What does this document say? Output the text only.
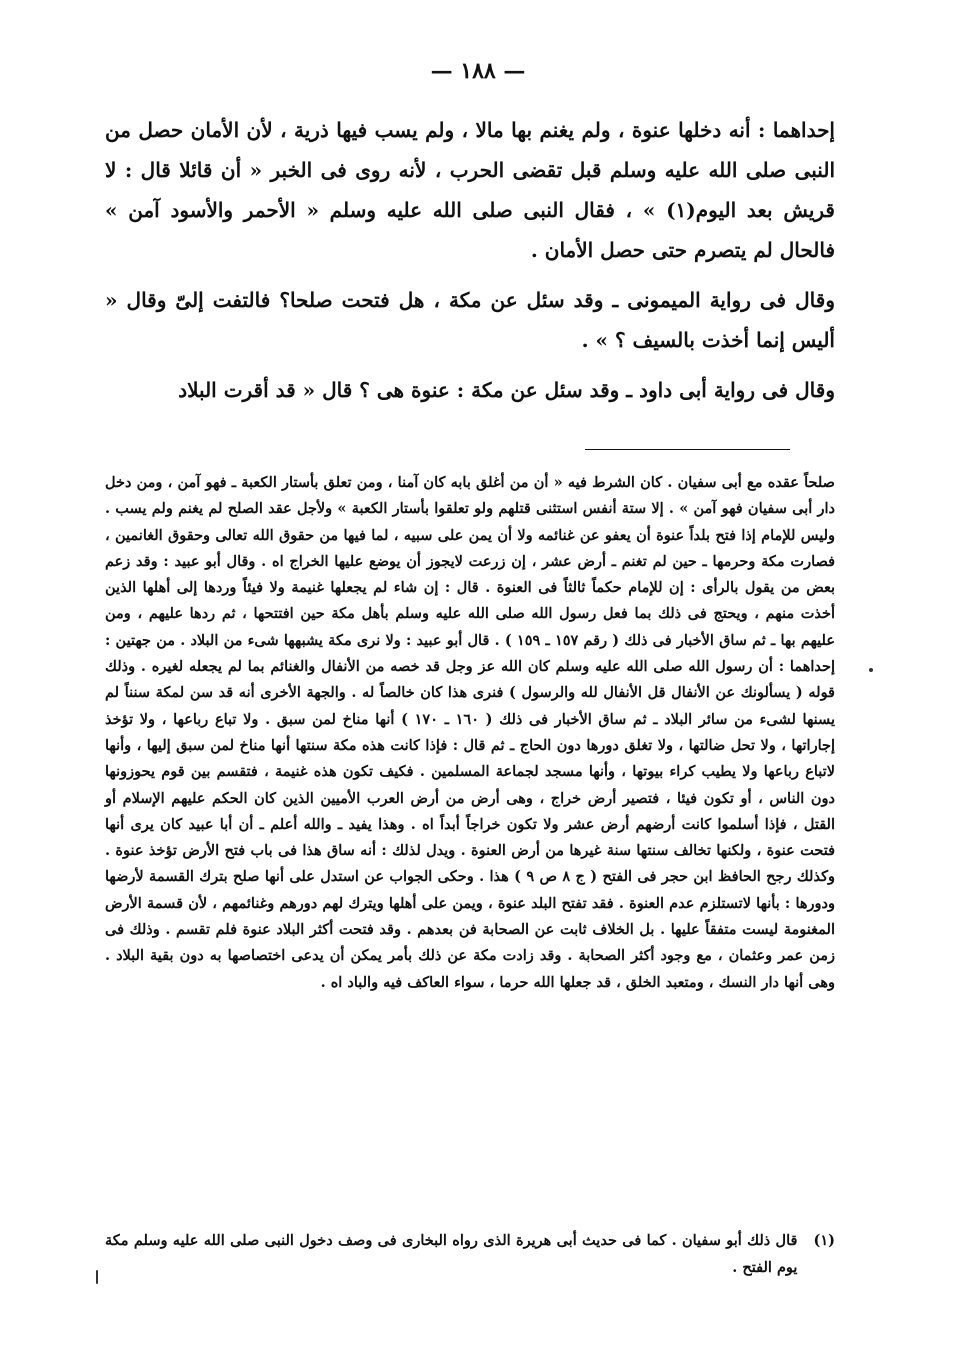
— ١٨٨ —

إحداهما : أنه دخلها عنوة ، ولم يغنم بها مالا ، ولم يسب فيها ذرية ، لأن الأمان حصل من النبى صلى الله عليه وسلم قبل تقضى الحرب ، لأنه روى فى الخبر « أن قائلا قال : لا قريش بعد اليوم(١) » ، فقال النبى صلى الله عليه وسلم « الأحمر والأسود آمن » فالحال لم يتصرم حتى حصل الأمان .

وقال فى رواية الميمونى ـ وقد سئل عن مكة ، هل فتحت صلحا؟ فالتفت إلىّ وقال « أليس إنما أخذت بالسيف ؟ » .

وقال فى رواية أبى داود ـ وقد سئل عن مكة : عنوة هى ؟ قال « قد أقرت البلاد

صلحاً عقده مع أبى سفيان . كان الشرط فيه « أن من أغلق بابه كان آمنا ، ومن تعلق بأستار الكعبة ـ فهو آمن ، ومن دخل دار أبى سفيان فهو آمن » . إلا ستة أنفس استثنى قتلهم ولو تعلقوا بأستار الكعبة » ولأجل عقد الصلح لم يغنم ولم يسب . وليس للإمام إذا فتح بلداً عنوة أن يعفو عن غنائمه ولا أن يمن على سبيه ، لما فيها من حقوق الله تعالى وحقوق الغانمين ، فصارت مكة وحرمها ـ حين لم تغنم ـ أرض عشر ، إن زرعت لايجوز أن يوضع عليها الخراج اه . وقال أبو عبيد : وقد زعم بعض من يقول بالرأى : إن للإمام حكماً ثالثاً فى العنوة . قال : إن شاء لم يجعلها غنيمة ولا فيئاً وردها إلى أهلها الذين أخذت منهم ، ويحتج فى ذلك بما فعل رسول الله صلى الله عليه وسلم بأهل مكة حين افتتحها ، ثم ردها عليهم ، ومن عليهم بها ـ ثم ساق الأخبار فى ذلك ( رقم ١٥٧ ـ ١٥٩ ) . قال أبو عبيد : ولا نرى مكة يشبهها شىء من البلاد . من جهتين : إحداهما : أن رسول الله صلى الله عليه وسلم كان الله عز وجل قد خصه من الأنفال والغنائم بما لم يجعله لغيره . وذلك قوله ( يسألونك عن الأنفال قل الأنفال لله والرسول ) فنرى هذا كان خالصاً له . والجهة الأخرى أنه قد سن لمكة سنناً لم يسنها لشىء من سائر البلاد ـ ثم ساق الأخبار فى ذلك ( ١٦٠ ـ ١٧٠ ) أنها مناخ لمن سبق . ولا تباع رباعها ، ولا تؤخذ إجاراتها ، ولا تحل ضالتها ، ولا تغلق دورها دون الحاج ـ ثم قال : فإذا كانت هذه مكة سنتها أنها مناخ لمن سبق إليها ، وأنها لاتباع رباعها ولا يطيب كراء بيوتها ، وأنها مسجد لجماعة المسلمين . فكيف تكون هذه غنيمة ، فتقسم بين قوم يحوزونها دون الناس ، أو تكون فيئا ، فتصير أرض خراج ، وهى أرض من أرض العرب الأميين الذين كان الحكم عليهم الإسلام أو القتل ، فإذا أسلموا كانت أرضهم أرض عشر ولا تكون خراجاً أبداً اه . وهذا يفيد ـ والله أعلم ـ أن أبا عبيد كان يرى أنها فتحت عنوة ، ولكنها تخالف سنتها سنة غيرها من أرض العنوة . ويدل لذلك : أنه ساق هذا فى باب فتح الأرض تؤخذ عنوة . وكذلك رجح الحافظ ابن حجر فى الفتح ( ج ٨ ص ٩ ) هذا . وحكى الجواب عن استدل على أنها صلح بترك القسمة لأرضها ودورها : بأنها لاتستلزم عدم العنوة . فقد تفتح البلد عنوة ، ويمن على أهلها ويترك لهم دورهم وغنائمهم ، لأن قسمة الأرض المغنومة ليست متفقاً عليها . بل الخلاف ثابت عن الصحابة فن بعدهم . وقد فتحت أكثر البلاد عنوة فلم تقسم . وذلك فى زمن عمر وعثمان ، مع وجود أكثر الصحابة . وقد زادت مكة عن ذلك بأمر يمكن أن يدعى اختصاصها به دون بقية البلاد . وهى أنها دار النسك ، ومتعبد الخلق ، قد جعلها الله حرما ، سواء العاكف فيه والباد اه .

(١)
قال ذلك أبو سفيان . كما فى حديث أبى هريرة الذى رواه البخارى فى وصف دخول النبى صلى الله عليه وسلم مكة يوم الفتح .
